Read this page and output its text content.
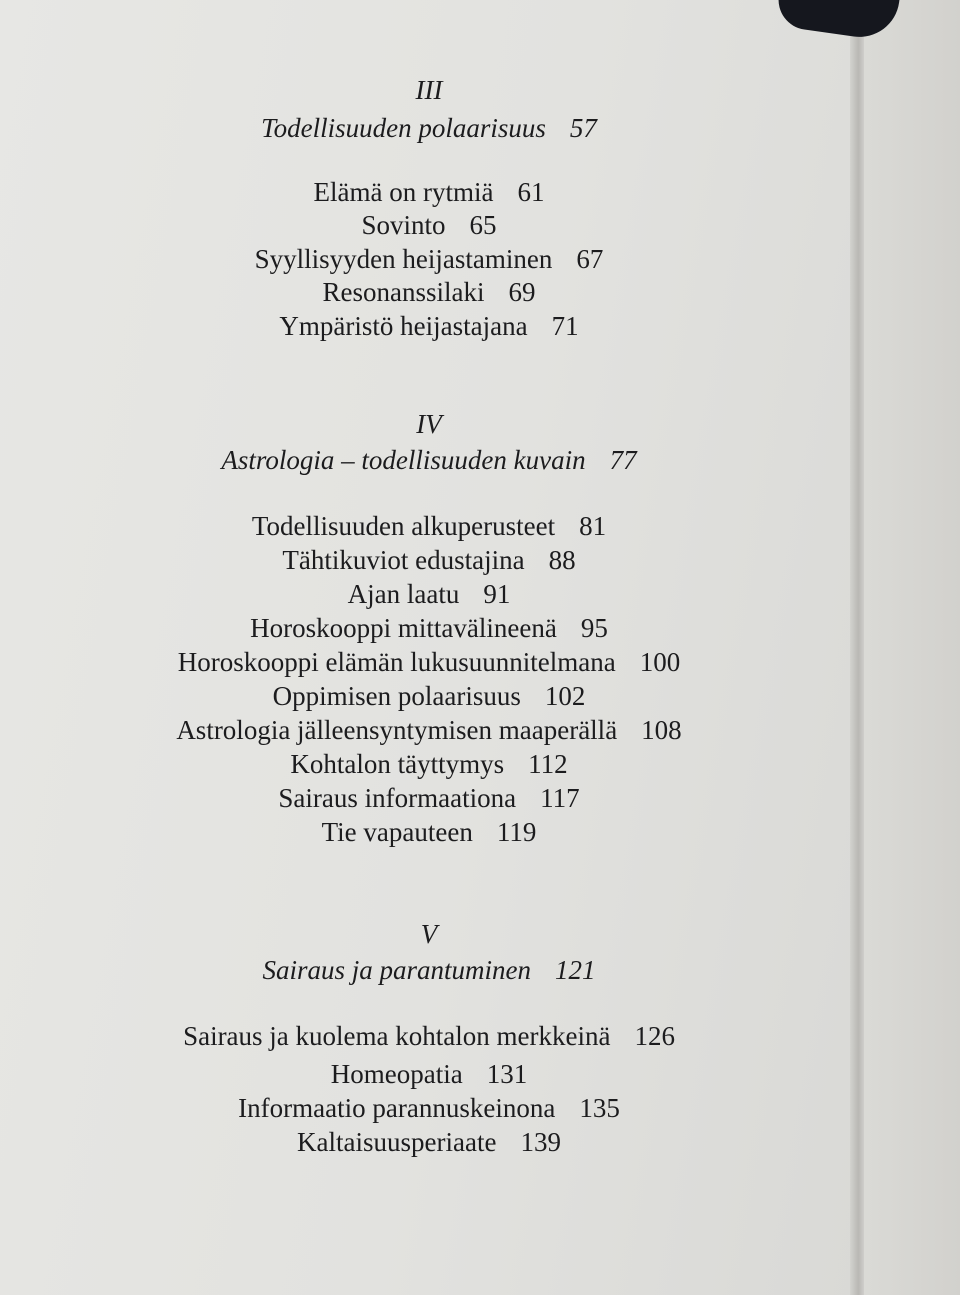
III
Todellisuuden polaarisuus 57
Elämä on rytmiä 61
Sovinto 65
Syyllisyyden heijastaminen 67
Resonanssilaki 69
Ympäristö heijastajana 71
IV
Astrologia – todellisuuden kuvain 77
Todellisuuden alkuperusteet 81
Tähtikuviot edustajina 88
Ajan laatu 91
Horoskooppi mittavälineenä 95
Horoskooppi elämän lukusuunnitelmana 100
Oppimisen polaarisuus 102
Astrologia jälleensyntymisen maaperällä 108
Kohtalon täyttymys 112
Sairaus informaationa 117
Tie vapauteen 119
V
Sairaus ja parantuminen 121
Sairaus ja kuolema kohtalon merkkeinä 126
Homeopatia 131
Informaatio parannuskeinona 135
Kaltaisuusperiaate 139
